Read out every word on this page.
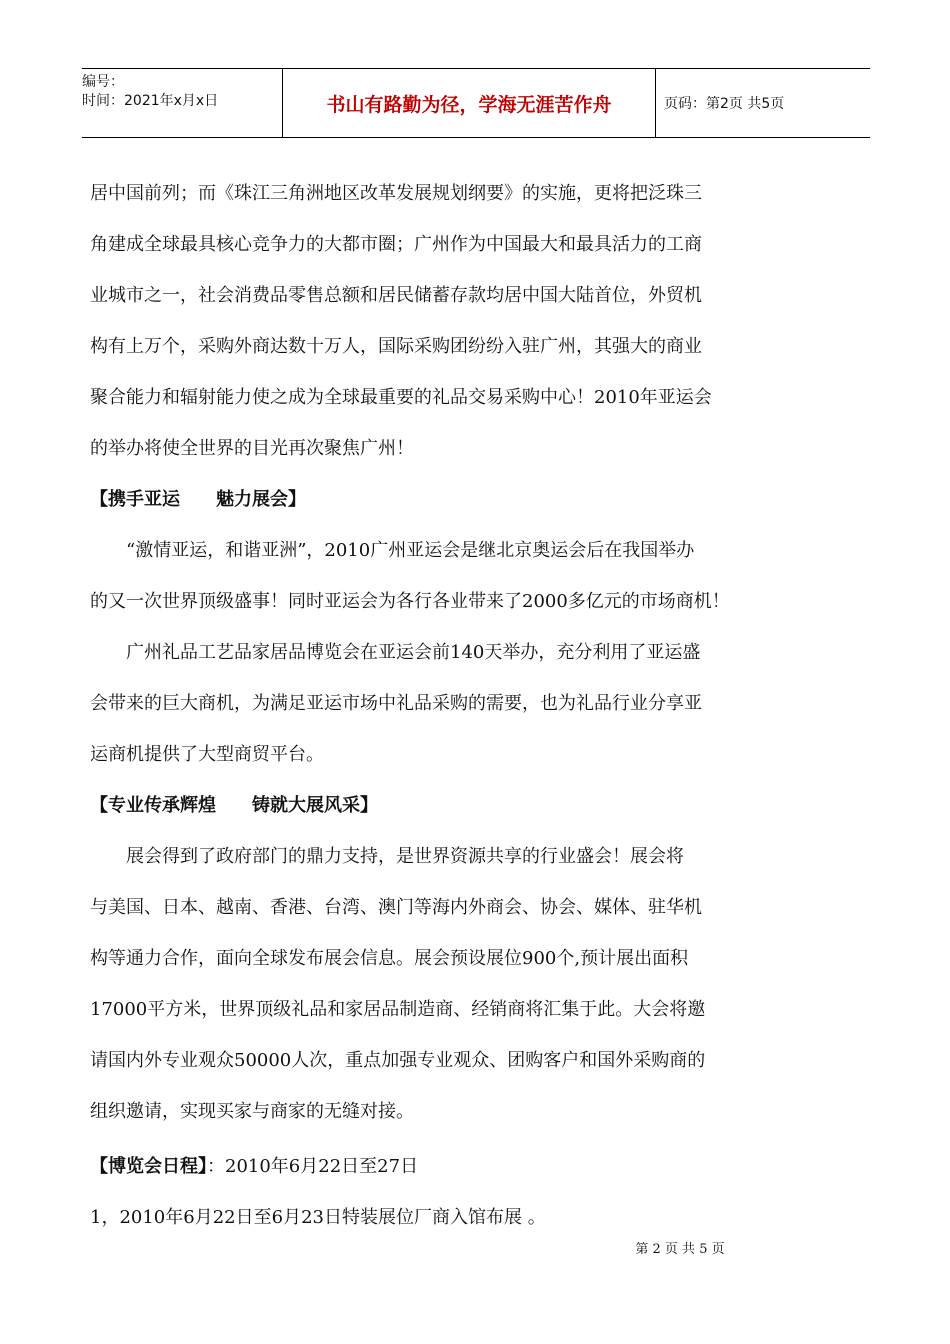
编号：
时间：2021年x月x日	书山有路勤为径，学海无涯苦作舟	页码：第2页 共5页
居中国前列；而《珠江三角洲地区改革发展规划纲要》的实施，更将把泛珠三
角建成全球最具核心竞争力的大都市圈；广州作为中国最大和最具活力的工商
业城市之一，社会消费品零售总额和居民储蓄存款均居中国大陆首位，外贸机
构有上万个，采购外商达数十万人，国际采购团纷纷入驻广州，其强大的商业
聚合能力和辐射能力使之成为全球最重要的礼品交易采购中心！2010年亚运会
的举办将使全世界的目光再次聚焦广州！
【携手亚运　　魅力展会】
“激情亚运，和谐亚洲”，2010广州亚运会是继北京奥运会后在我国举办
的又一次世界顶级盛事！同时亚运会为各行各业带来了2000多亿元的市场商机！
广州礼品工艺品家居品博览会在亚运会前140天举办，充分利用了亚运盛
会带来的巨大商机，为满足亚运市场中礼品采购的需要，也为礼品行业分享亚
运商机提供了大型商贸平台。
【专业传承辉煌　　铸就大展风采】
展会得到了政府部门的鼎力支持，是世界资源共享的行业盛会！展会将
与美国、日本、越南、香港、台湾、澳门等海内外商会、协会、媒体、驻华机
构等通力合作，面向全球发布展会信息。展会预设展位900个,预计展出面积
17000平方米，世界顶级礼品和家居品制造商、经销商将汇集于此。大会将邀
请国内外专业观众50000人次，重点加强专业观众、团购客户和国外采购商的
组织邀请，实现买家与商家的无缝对接。
【博览会日程】：2010年6月22日至27日
1，2010年6月22日至6月23日特装展位厂商入馆布展 。
第 2 页 共 5 页
